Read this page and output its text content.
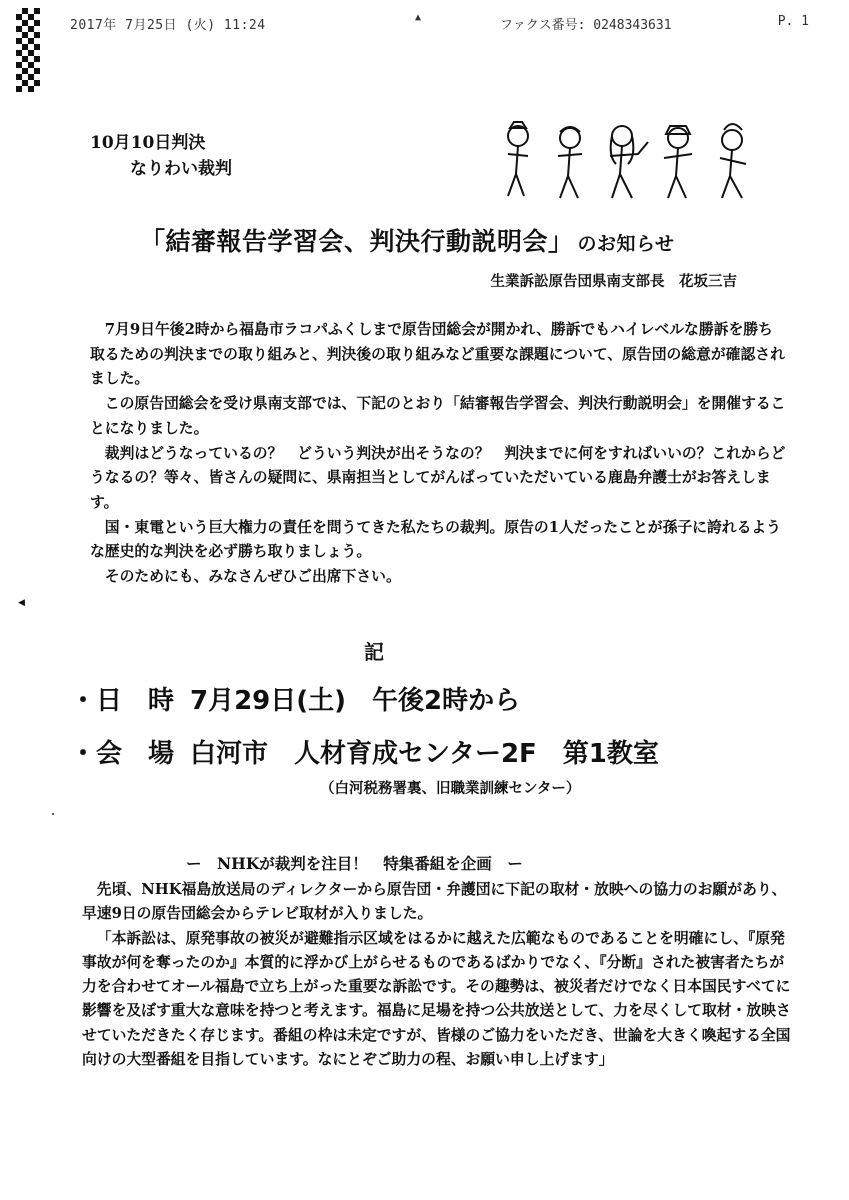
2017年 7月25日 (火) 11:24
▲
ファクス番号: 0248343631	P. 1
10月10日判決
なりわい裁判
「結審報告学習会、判決行動説明会」 のお知らせ
生業訴訟原告団県南支部長　花坂三吉

7月9日午後2時から福島市ラコパふくしまで原告団総会が開かれ、勝訴でもハイレベルな勝訴を勝ち取るための判決までの取り組みと、判決後の取り組みなど重要な課題について、原告団の総意が確認されました。

この原告団総会を受け県南支部では、下記のとおり「結審報告学習会、判決行動説明会」を開催することになりました。

裁判はどうなっているの？　どういう判決が出そうなの？　判決までに何をすればいいの？これからどうなるの？等々、皆さんの疑問に、県南担当としてがんばっていただいている鹿島弁護士がお答えします。

国・東電という巨大権力の責任を問うてきた私たちの裁判。原告の1人だったことが孫子に誇れるような歴史的な判決を必ず勝ち取りましょう。

そのためにも、みなさんぜひご出席下さい。

◀
記
・日　時 7月29日(土)　午後2時から
・会　場 白河市　人材育成センター2F　第1教室
（白河税務署裏、旧職業訓練センター）
ー　NHKが裁判を注目！　特集番組を企画　ー

先頃、NHK福島放送局のディレクターから原告団・弁護団に下記の取材・放映への協力のお願があり、早速9日の原告団総会からテレビ取材が入りました。

「本訴訟は、原発事故の被災が避難指示区域をはるかに越えた広範なものであることを明確にし、『原発事故が何を奪ったのか』本質的に浮かび上がらせるものであるばかりでなく、『分断』された被害者たちが力を合わせてオール福島で立ち上がった重要な訴訟です。その趣勢は、被災者だけでなく日本国民すべてに影響を及ぼす重大な意味を持つと考えます。福島に足場を持つ公共放送として、力を尽くして取材・放映させていただきたく存じます。番組の枠は未定ですが、皆様のご協力をいただき、世論を大きく喚起する全国向けの大型番組を目指しています。なにとぞご助力の程、お願い申し上げます」
